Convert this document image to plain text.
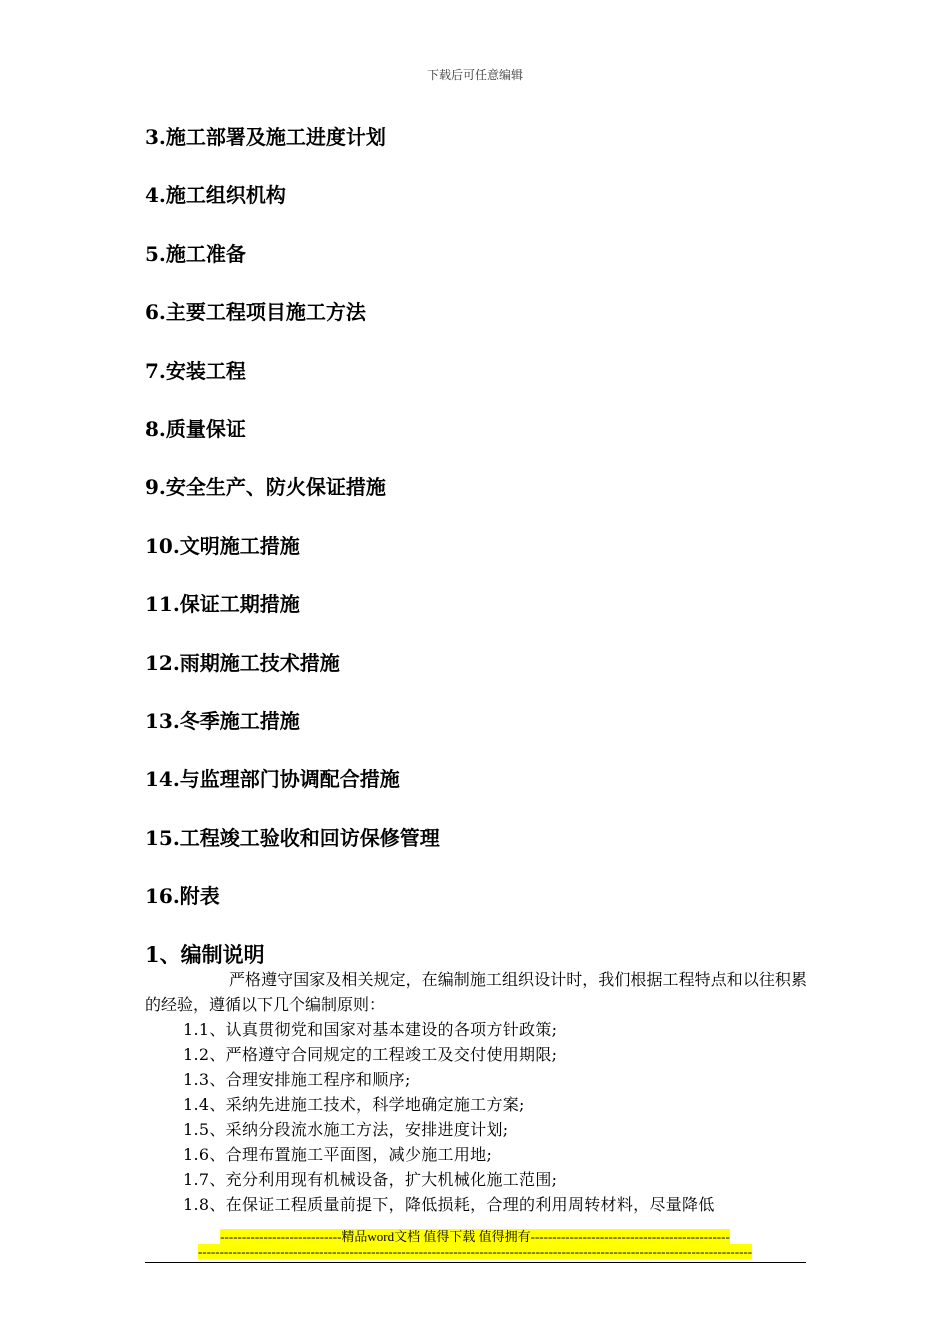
下载后可任意编辑
3.施工部署及施工进度计划
4.施工组织机构
5.施工准备
6.主要工程项目施工方法
7.安装工程
8.质量保证
9.安全生产、防火保证措施
10.文明施工措施
11.保证工期措施
12.雨期施工技术措施
13.冬季施工措施
14.与监理部门协调配合措施
15.工程竣工验收和回访保修管理
16.附表
1、编制说明

严格遵守国家及相关规定，在编制施工组织设计时，我们根据工程特点和以往积累的经验，遵循以下几个编制原则：

1.1、认真贯彻党和国家对基本建设的各项方针政策;
1.2、严格遵守合同规定的工程竣工及交付使用期限;
1.3、合理安排施工程序和顺序;
1.4、采纳先进施工技术，科学地确定施工方案;
1.5、采纳分段流水施工方法，安排进度计划;
1.6、合理布置施工平面图，减少施工用地;
1.7、充分利用现有机械设备，扩大机械化施工范围;
1.8、在保证工程质量前提下，降低损耗，合理的利用周转材料，尽量降低
----------------------------精品word文档 值得下载 值得拥有----------------------------------------------
--------------------------------------------------------------------------------------------------------------------------------
